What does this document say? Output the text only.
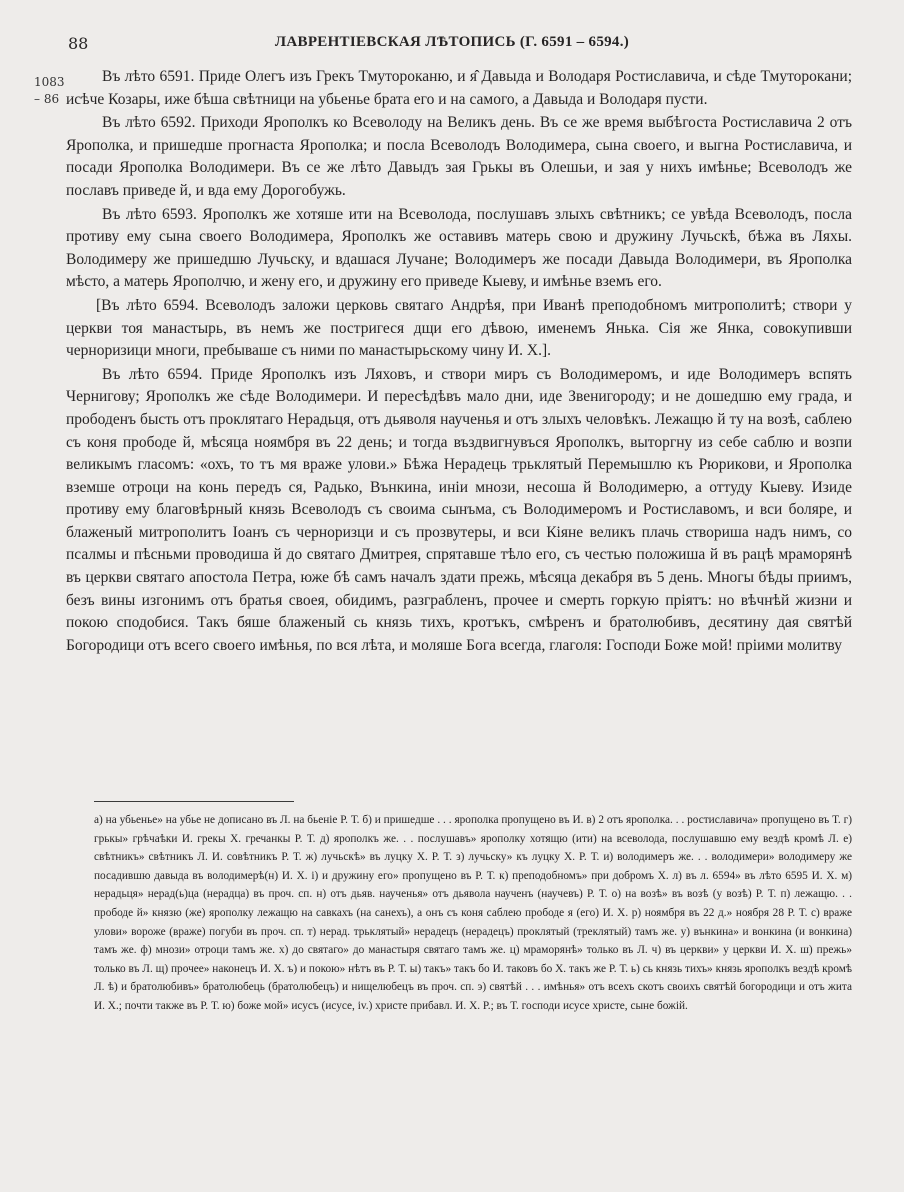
88	ЛАВРЕНТІЕВСКАЯ ЛѢТОПИСЬ (Г. 6591 – 6594.)
1083
– 86

Въ лѣто 6591. Приде Олегъ изъ Грекъ Тмутороканю, и я̂ Давыда и Володаря Ростиславича, и сѣде Тмуторокани; исѣче Козары, иже бѣша свѣтници на убьенье брата его и на самого, а Давыда и Володаря пусти.

Въ лѣто 6592. Приходи Ярополкъ ко Всеволоду на Великъ день. Въ се же время выбѣгоста Ростиславича 2 отъ Ярополка, и пришедше прогнаста Ярополка; и посла Всеволодъ Володимера, сына своего, и выгна Ростиславича, и посади Ярополка Володимери. Въ се же лѣто Давыдъ зая Грькы въ Олешьи, и зая у нихъ имѣнье; Всеволодъ же пославъ приведе й, и вда ему Дорогобужь.

Въ лѣто 6593. Ярополкъ же хотяше ити на Всеволода, послушавъ злыхъ свѣтникъ; се увѣда Всеволодъ, посла противу ему сына своего Володимера, Ярополкъ же оставивъ матерь свою и дружину Лучьскѣ, бѣжа въ Ляхы. Володимеру же пришедшю Лучьску, и вдашася Лучане; Володимеръ же посади Давыда Володимери, въ Ярополка мѣсто, а матерь Ярополчю, и жену его, и дружину его приведе Кыеву, и имѣнье вземъ его.

[Въ лѣто 6594. Всеволодъ заложи церковь святаго Андрѣя, при Иванѣ преподобномъ митрополитѣ; створи у церкви тоя манастырь, въ немъ же постригеся дщи его дѣвою, именемъ Янька. Сія же Янка, совокупивши черноризици многи, пребываше съ ними по манастырьскому чину И. Х.].

Въ лѣто 6594. Приде Ярополкъ изъ Ляховъ, и створи миръ съ Володимеромъ, и иде Володимеръ вспять Чернигову; Ярополкъ же сѣде Володимери. И пересѣдѣвъ мало дни, иде Звенигороду; и не дошедшю ему града, и прободенъ бысть отъ проклятаго Нерадьця, отъ дьяволя наученья и отъ злыхъ человѣкъ. Лежащю й ту на возѣ, саблею съ коня прободе й, мѣсяца ноямбря въ 22 день; и тогда въздвигнувъся Ярополкъ, выторгну из себе саблю и возпи великымъ гласомъ: «охъ, то тъ мя враже улови.» Бѣжа Нерадець трьклятый Перемышлю къ Рюрикови, и Ярополка вземше отроци на конь передъ ся, Радько, Вънкина, иніи мнози, несоша й Володимерю, а оттуду Кыеву. Изиде противу ему благовѣрный князь Всеволодъ съ своима сынъма, съ Володимеромъ и Ростиславомъ, и вси боляре, и блаженый митрополитъ Іоанъ съ черноризци и съ прозвутеры, и вси Кіяне великъ плачь створиша надъ нимъ, со псалмы и пѣсньми проводиша й до святаго Дмитрея, спрятавше тѣло его, съ честью положиша й въ рацѣ мраморянѣ въ церкви святаго апостола Петра, юже бѣ самъ началъ здати прежь, мѣсяца декабря въ 5 день. Многы бѣды приимъ, безъ вины изгонимъ отъ братья своея, обидимъ, разграбленъ, прочее и смерть горкую пріятъ: но вѣчнѣй жизни и покою сподобися. Такъ бяше блаженый сь князь тихъ, кротъкъ, смѣренъ и братолюбивъ, десятину дая святѣй Богородици отъ всего своего имѣнья, по вся лѣта, и моляше Бога всегда, глаголя: Господи Боже мой! пріими молитву

а) на убьенье» на убье не дописано въ Л. на бьеніе Р. Т. б) и пришедше . . . ярополка пропущено въ И. в) 2 отъ ярополка. . . ростиславича» пропущено въ Т. г) грькы» грѣчаѣки И. грекы Х. гречанкы Р. Т. д) ярополкъ же. . . послушавъ» ярополку хотящю (ити) на всеволода, послушавшю ему вездѣ кромѣ Л. е) свѣтникъ» свѣтникъ Л. И. совѣтникъ Р. Т. ж) лучьскѣ» въ луцку Х. Р. Т. з) лучьску» къ луцку Х. Р. Т. и) володимеръ же. . . володимери» володимеру же посадившю давыда въ володимерѣ(н) И. Х. і) и дружину его» пропущено въ Р. Т. к) преподобномъ» при добромъ Х. л) въ л. 6594» въ лѣто 6595 И. Х. м) нерадьця» нерад(ь)ца (нерадца) въ проч. сп. н) отъ дьяв. наученья» отъ дьявола наученъ (научевъ) Р. Т. о) на возѣ» въ возѣ (у возѣ) Р. Т. п) лежащю. . . прободе й» князю (же) ярополку лежащю на савкахъ (на санехъ), а онъ съ коня саблею прободе я (его) И. Х. р) ноямбря въ 22 д.» ноября 28 Р. Т. с) враже улови» вороже (враже) погуби въ проч. сп. т) нерад. трьклятый» нерадецъ (нерадецъ) проклятый (треклятый) тамъ же. у) вънкина» и вонкина (и вонкина) тамъ же. ф) мнози» отроци тамъ же. х) до святаго» до манастыря святаго тамъ же. ц) мраморянѣ» только въ Л. ч) въ церкви» у церкви И. Х. ш) прежь» только въ Л. щ) прочее» наконецъ И. Х. ъ) и покою» нѣтъ въ Р. Т. ы) такъ» такъ бо И. таковъ бо Х. такъ же Р. Т. ь) сь князь тихъ» князь ярополкъ вездѣ кромѣ Л. ѣ) и братолюбивъ» братолюбець (братолюбецъ) и нищелюбецъ въ проч. сп. э) святѣй . . . имѣнья» отъ всехъ скотъ своихъ святѣй богородици и отъ жита И. Х.; почти также въ Р. Т. ю) боже мой» исусъ (исусе, іv.) христе прибавл. И. Х. Р.; въ Т. господи исусе христе, сыне божій.
